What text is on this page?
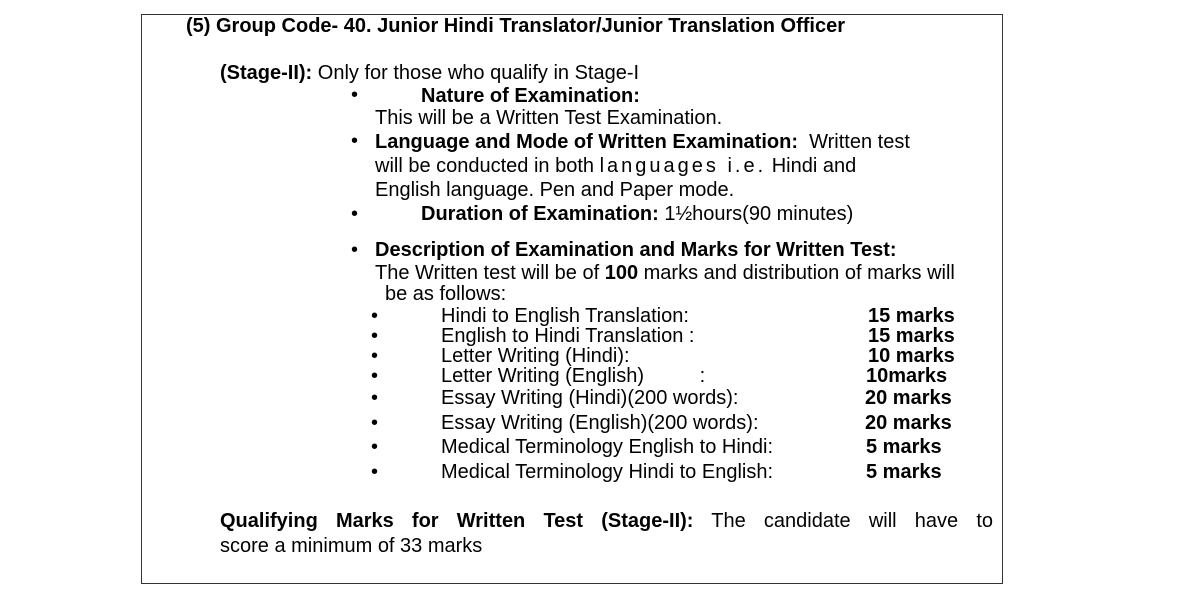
(5) Group Code- 40. Junior Hindi Translator/Junior Translation Officer
(Stage-II): Only for those who qualify in Stage-I
•	Nature of Examination:
This will be a Written Test Examination.
• Language and Mode of Written Examination: Written test
will be conducted in both languages i.e. Hindi and
English language. Pen and Paper mode.
•	Duration of Examination: 1½hours(90 minutes)
• Description of Examination and Marks for Written Test:
The Written test will be of 100 marks and distribution of marks will
be as follows:
•	Hindi to English Translation:	15 marks
•	English to Hindi Translation :	15 marks
•	Letter Writing (Hindi):	10 marks
•	Letter Writing (English)          :	10marks
•	Essay Writing (Hindi)(200 words):	20 marks
•	Essay Writing (English)(200 words):	20 marks
•	Medical Terminology English to Hindi:	5 marks
•	Medical Terminology Hindi to English:	5 marks
Qualifying Marks for Written Test (Stage-II): The candidate will have to
score a minimum of 33 marks
